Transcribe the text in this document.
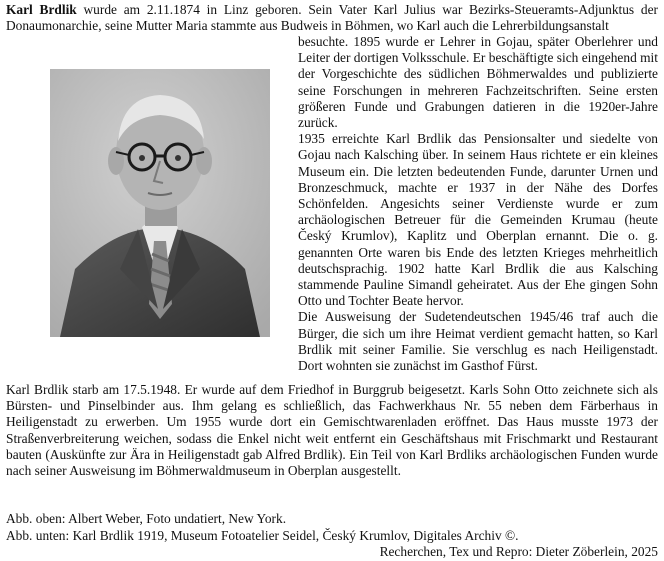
Karl Brdlik wurde am 2.11.1874 in Linz geboren. Sein Vater Karl Julius war Bezirks-Steueramts-Adjunktus der Donaumonarchie, seine Mutter Maria stammte aus Budweis in Böhmen, wo Karl auch die Lehrerbildungsanstalt

besuchte. 1895 wurde er Lehrer in Gojau, später Oberlehrer und Leiter der dortigen Volksschule. Er beschäftigte sich eingehend mit der Vorgeschichte des südlichen Böhmerwaldes und publizierte seine Forschungen in mehreren Fachzeitschriften. Seine ersten größeren Funde und Grabungen datieren in die 1920er-Jahre zurück.

1935 erreichte Karl Brdlik das Pensionsalter und siedelte von Gojau nach Kalsching über. In seinem Haus richtete er ein kleines Museum ein. Die letzten bedeutenden Funde, darunter Urnen und Bronzeschmuck, machte er 1937 in der Nähe des Dorfes Schönfelden. Angesichts seiner Verdienste wurde er zum archäologischen Betreuer für die Gemeinden Krumau (heute Český Krumlov), Kaplitz und Oberplan ernannt. Die o. g. genannten Orte waren bis Ende des letzten Krieges mehrheitlich deutschsprachig. 1902 hatte Karl Brdlik die aus Kalsching stammende Pauline Simandl geheiratet. Aus der Ehe gingen Sohn Otto und Tochter Beate hervor.

Die Ausweisung der Sudetendeutschen 1945/46 traf auch die Bürger, die sich um ihre Heimat verdient gemacht hatten, so Karl Brdlik mit seiner Familie. Sie verschlug es nach Heiligenstadt. Dort wohnten sie zunächst im Gasthof Fürst.

Karl Brdlik starb am 17.5.1948. Er wurde auf dem Friedhof in Burggrub beigesetzt. Karls Sohn Otto zeichnete sich als Bürsten- und Pinselbinder aus. Ihm gelang es schließlich, das Fachwerkhaus Nr. 55 neben dem Färberhaus in Heiligenstadt zu erwerben. Um 1955 wurde dort ein Gemischtwarenladen eröffnet. Das Haus musste 1973 der Straßenverbreiterung weichen, sodass die Enkel nicht weit entfernt ein Geschäftshaus mit Frischmarkt und Restaurant bauten (Auskünfte zur Ära in Heiligenstadt gab Alfred Brdlik). Ein Teil von Karl Brdliks archäologischen Funden wurde nach seiner Ausweisung im Böhmerwaldmuseum in Oberplan ausgestellt.

Abb. oben: Albert Weber, Foto undatiert, New York.
Abb. unten: Karl Brdlik 1919, Museum Fotoatelier Seidel, Český Krumlov, Digitales Archiv ©.
Recherchen, Tex und Repro: Dieter Zöberlein, 2025
